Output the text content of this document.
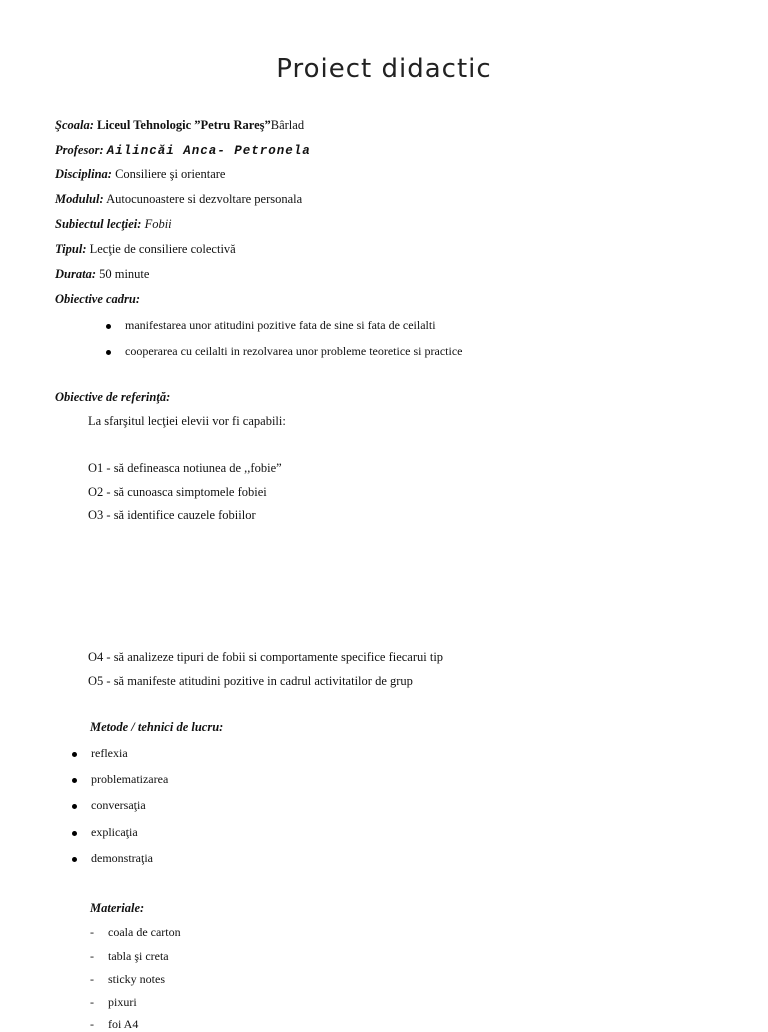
Proiect didactic
Şcoala: Liceul Tehnologic ”Petru Rareş”Bârlad
Profesor: Ailincăi Anca- Petronela
Disciplina: Consiliere şi orientare
Modulul: Autocunoastere si dezvoltare personala
Subiectul lecţiei: Fobii
Tipul: Lecţie de consiliere colectivă
Durata: 50 minute
Obiective cadru:
manifestarea unor atitudini pozitive fata de sine si fata de ceilalti
cooperarea cu ceilalti in rezolvarea unor probleme teoretice si practice
Obiective de referinţă:
La sfarşitul lecţiei elevii vor fi capabili:
O1 - să defineasca notiunea de ,,fobie”
O2 - să cunoasca simptomele fobiei
O3 - să identifice cauzele fobiilor
O4 - să analizeze tipuri de fobii si comportamente specifice fiecarui tip
O5 - să manifeste atitudini pozitive in cadrul activitatilor de grup
Metode / tehnici de lucru:
reflexia
problematizarea
conversaţia
explicaţia
demonstraţia
Materiale:
- coala de carton
- tabla şi creta
- sticky notes
- pixuri
- foi A4
